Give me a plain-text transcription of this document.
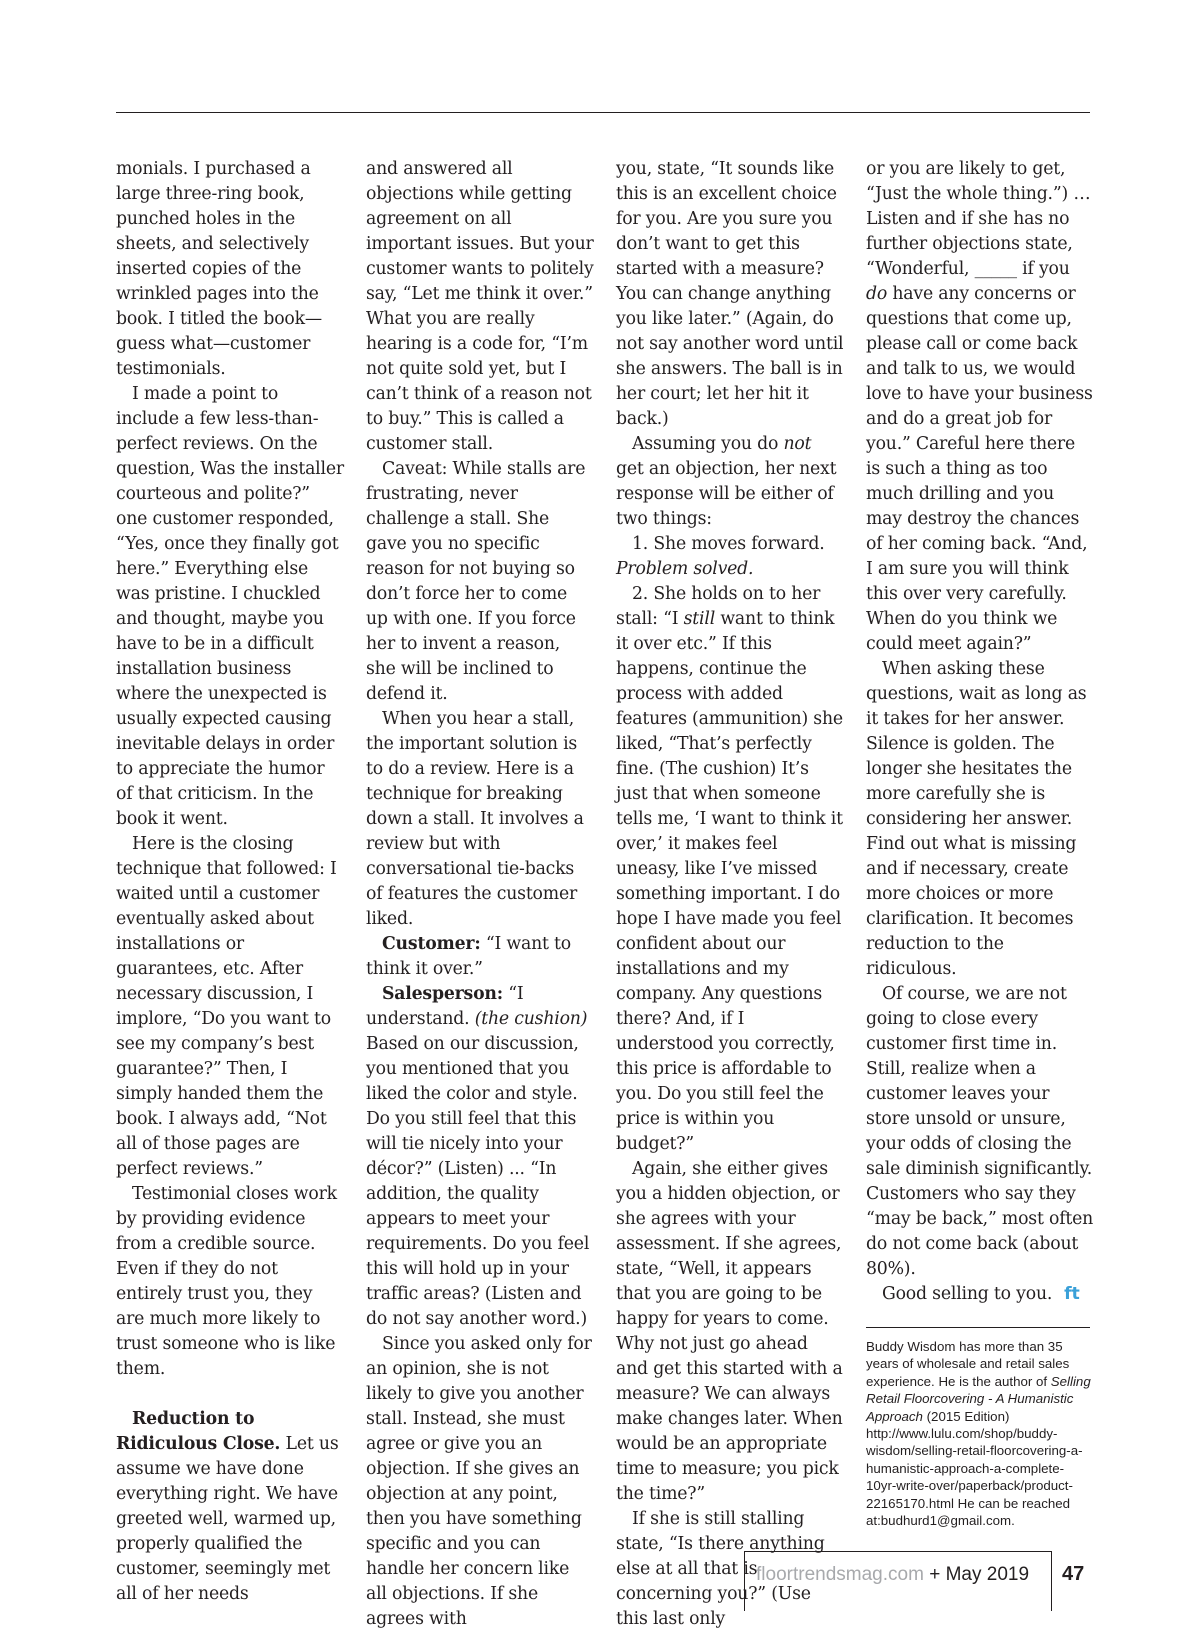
monials. I purchased a large three-ring book, punched holes in the sheets, and selectively inserted copies of the wrinkled pages into the book. I titled the book—guess what—customer testimonials.

I made a point to include a few less-than-perfect reviews. On the question, Was the installer courteous and polite?” one customer responded, “Yes, once they finally got here.” Everything else was pristine. I chuckled and thought, maybe you have to be in a difficult installation business where the unexpected is usually expected causing inevitable delays in order to appreciate the humor of that criticism. In the book it went.

Here is the closing technique that followed: I waited until a customer eventually asked about installations or guarantees, etc. After necessary discussion, I implore, “Do you want to see my company’s best guarantee?” Then, I simply handed them the book. I always add, “Not all of those pages are perfect reviews.”

Testimonial closes work by providing evidence from a credible source. Even if they do not entirely trust you, they are much more likely to trust someone who is like them.

Reduction to Ridiculous Close. Let us assume we have done everything right. We have greeted well, warmed up, properly qualified the customer, seemingly met all of her needs

and answered all objections while getting agreement on all important issues. But your customer wants to politely say, “Let me think it over.” What you are really hearing is a code for, “I’m not quite sold yet, but I can’t think of a reason not to buy.” This is called a customer stall.

Caveat: While stalls are frustrating, never challenge a stall. She gave you no specific reason for not buying so don’t force her to come up with one. If you force her to invent a reason, she will be inclined to defend it.

When you hear a stall, the important solution is to do a review. Here is a technique for breaking down a stall. It involves a review but with conversational tie-backs of features the customer liked.

Customer: “I want to think it over.”

Salesperson: “I understand. (the cushion) Based on our discussion, you mentioned that you liked the color and style. Do you still feel that this will tie nicely into your décor?” (Listen) ... “In addition, the quality appears to meet your requirements. Do you feel this will hold up in your traffic areas? (Listen and do not say another word.)

Since you asked only for an opinion, she is not likely to give you another stall. Instead, she must agree or give you an objection. If she gives an objection at any point, then you have something specific and you can handle her concern like all objections. If she agrees with

you, state, “It sounds like this is an excellent choice for you. Are you sure you don’t want to get this started with a measure? You can change anything you like later.” (Again, do not say another word until she answers. The ball is in her court; let her hit it back.)

Assuming you do not get an objection, her next response will be either of two things:

1. She moves forward.

Problem solved.

2. She holds on to her stall: “I still want to think it over etc.” If this happens, continue the process with added features (ammunition) she liked, “That’s perfectly fine. (The cushion) It’s just that when someone tells me, ‘I want to think it over,’ it makes feel uneasy, like I’ve missed something important. I do hope I have made you feel confident about our installations and my company. Any questions there? And, if I understood you correctly, this price is affordable to you. Do you still feel the price is within you budget?”

Again, she either gives you a hidden objection, or she agrees with your assessment. If she agrees, state, “Well, it appears that you are going to be happy for years to come. Why not just go ahead and get this started with a measure? We can always make changes later. When would be an appropriate time to measure; you pick the time?”

If she is still stalling state, “Is there anything else at all that is concerning you?” (Use this last only

or you are likely to get, “Just the whole thing.”) … Listen and if she has no further objections state, “Wonderful, _____ if you do have any concerns or questions that come up, please call or come back and talk to us, we would love to have your business and do a great job for you.” Careful here there is such a thing as too much drilling and you may destroy the chances of her coming back. “And, I am sure you will think this over very carefully. When do you think we could meet again?”

When asking these questions, wait as long as it takes for her answer. Silence is golden. The longer she hesitates the more carefully she is considering her answer. Find out what is missing and if necessary, create more choices or more clarification. It becomes reduction to the ridiculous.

Of course, we are not going to close every customer first time in. Still, realize when a customer leaves your store unsold or unsure, your odds of closing the sale diminish significantly. Customers who say they “may be back,” most often do not come back (about 80%).

Good selling to you. ft

Buddy Wisdom has more than 35 years of wholesale and retail sales experience. He is the author of Selling Retail Floorcovering - A Humanistic Approach (2015 Edition) http://www.lulu.com/shop/buddy-wisdom/selling-retail-floorcovering-a-humanistic-approach-a-complete-10yr-write-over/paperback/product-22165170.html He can be reached at:budhurd1@gmail.com.
floortrendsmag.com + May 2019 47
